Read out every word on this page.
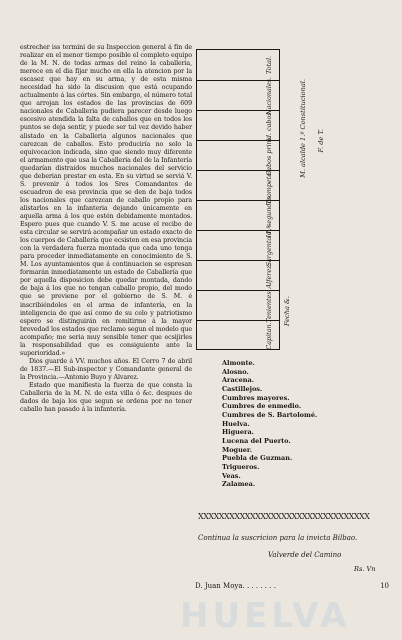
estrecher iss termini de su Inspeccion general á fin de realizar en el menor tiempo posible el completo equipo de la M. N. de todas armas del reino la caballeria, merece en el dia fijar mucho en ella la atencion por la escasez que hay en su arma, y de esta misma necesidad ha sido la discusion que está ocupando actualmente á las córtes. Sin embargo, el número total que arrojan los estados de las provincias de 609 nacionales de Caballeria pudiera parecer desde luego escesivo atendida la falta de caballos que en todos los puntos se deja sentir, y puede ser tal vez devido haber alistado en la Caballeria algunos nacionales que carezcan de caballos. Esto produciría no solo la equivocacion indicada, sino que siendo muy diferente el armamento que usa la Caballeria del de la Infantería quedarían distraidos muchos nacionales del servicio que deberian prestar en esta. En su virtud se serviá V. S. prevenir á todos los Sres Comandantes de escuadron de esa provincia que se den de baja todos los nacionales que carezcan de caballo propio para alistarlos en la infanteria dejando únicamente en aquella arma á los que estén debidamente montados. Espero pues que cuando V. S. me acuse el recibo de esta circular se servirá acompañar un estado exacto de los cuerpos de Caballería que ecsisten en esa provincia con la verdadera fuerza montada que cada uno tenga para proceder inmediatamente en conocimiento de S. M. Los ayuntamientos que á continuacion se espresan formarán inmediatamente un estado de Caballería que por aquella disposicion debe quedar montada, dando de baja á los que no tengan caballo propio, del modo que se previene por el gobierno de S. M. é inscribiéndoles en el arma de infantería, en la inteligencia de que así como de su celo y patriotismo espero se distinguirán en remitirme á la mayor brevedad los estados que reclamo segun el modelo que acompaño; me seria muy sensible tener que ecsijirles la responsabilidad que es consiguiente ante la superioridad.»

Dios guarde á VV. muchos años. El Cerro 7 de abril de 1837.—El Sub-inspector y Comandante general de la Provincia.—Antonio Buyo y Alvarez.

Estado que manifiesta la fuerza de que consta la Caballeria de la M. N. de esta villa ó &c. despues de dados de baja los que segun se ordena por no tener caballo han pasado á la infantería.

Total.
Nacionales.
Id. cabos.
Cabos prim.
Trompetas.
Id. segundos.
Sargento 1.º
Alferez.
Tenientes.
Capitan.
M. alcalde 1.º Constitucional. F. de T.
Fecha &.
Almonte.
Alosno.
Aracena.
Castillejos.
Cumbres mayores.
Cumbres de enmedio.
Cumbres de S. Bartolomé.
Huelva.
Higuera.
Lucena del Puerto.
Moguer.
Puebla de Guzman.
Trigueros.
Veas.
Zalamea.
XXXXXXXXXXXXXXXXXXXXXXXXXXXXXXXXX
Continua la suscricion para la invicta Bilbao.
Valverde del Camino
Rs. Vn
D. Juan Moya. . . . . . . .	10
HUELVA
